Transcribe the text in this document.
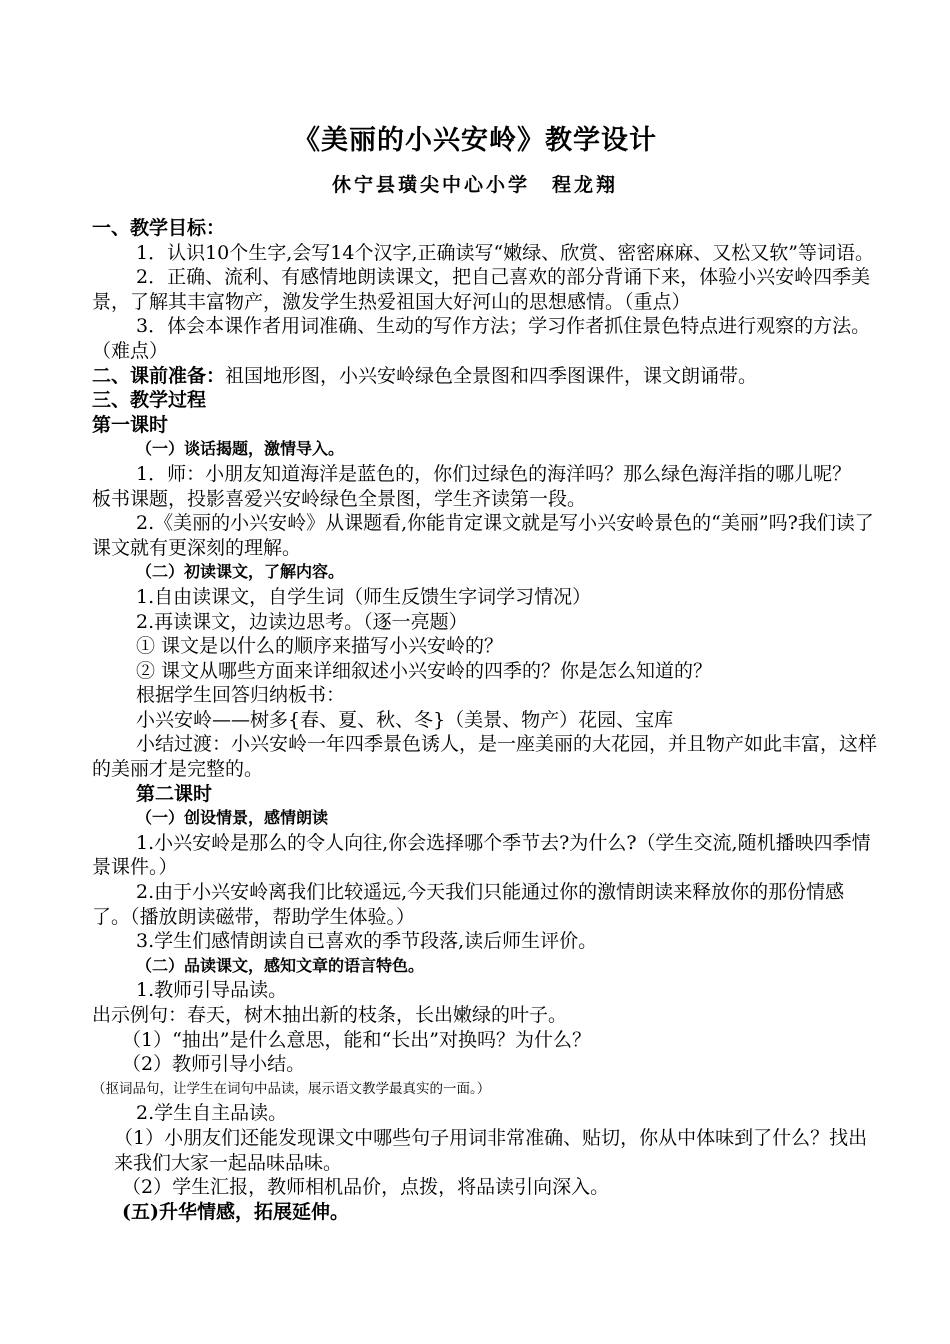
《美丽的小兴安岭》教学设计
休宁县璜尖中心小学　程龙翔

一、教学目标：

1．认识10个生字,会写14个汉字,正确读写“嫩绿、欣赏、密密麻麻、又松又软”等词语。

2．正确、流利、有感情地朗读课文，把自己喜欢的部分背诵下来，体验小兴安岭四季美景，了解其丰富物产，激发学生热爱祖国大好河山的思想感情。（重点）

3．体会本课作者用词准确、生动的写作方法；学习作者抓住景色特点进行观察的方法。（难点）

二、课前准备：祖国地形图，小兴安岭绿色全景图和四季图课件，课文朗诵带。

三、教学过程

第一课时

（一）谈话揭题，激情导入。

1．师：小朋友知道海洋是蓝色的，你们过绿色的海洋吗？那么绿色海洋指的哪儿呢？

板书课题，投影喜爱兴安岭绿色全景图，学生齐读第一段。

2.《美丽的小兴安岭》从课题看,你能肯定课文就是写小兴安岭景色的“美丽”吗?我们读了课文就有更深刻的理解。

（二）初读课文，了解内容。

1.自由读课文，自学生词（师生反馈生字词学习情况）

2.再读课文，边读边思考。（逐一亮题）

① 课文是以什么的顺序来描写小兴安岭的？

② 课文从哪些方面来详细叙述小兴安岭的四季的？你是怎么知道的？

根据学生回答归纳板书：

小兴安岭——树多{春、夏、秋、冬}（美景、物产）花园、宝库

小结过渡：小兴安岭一年四季景色诱人，是一座美丽的大花园，并且物产如此丰富，这样的美丽才是完整的。

第二课时

（一）创设情景，感情朗读

1.小兴安岭是那么的令人向往,你会选择哪个季节去?为什么?（学生交流,随机播映四季情景课件。）

2.由于小兴安岭离我们比较遥远,今天我们只能通过你的激情朗读来释放你的那份情感了。（播放朗读磁带，帮助学生体验。）

3.学生们感情朗读自已喜欢的季节段落,读后师生评价。

（二）品读课文，感知文章的语言特色。

1.教师引导品读。

出示例句：春天，树木抽出新的枝条，长出嫩绿的叶子。

（1）“抽出”是什么意思，能和“长出”对换吗？为什么？

（2）教师引导小结。

（抠词品句，让学生在词句中品读，展示语文教学最真实的一面。）

2.学生自主品读。

（1）小朋友们还能发现课文中哪些句子用词非常准确、贴切，你从中体味到了什么？找出来我们大家一起品味品味。

（2）学生汇报，教师相机品价，点拨，将品读引向深入。

(五)升华情感，拓展延伸。
